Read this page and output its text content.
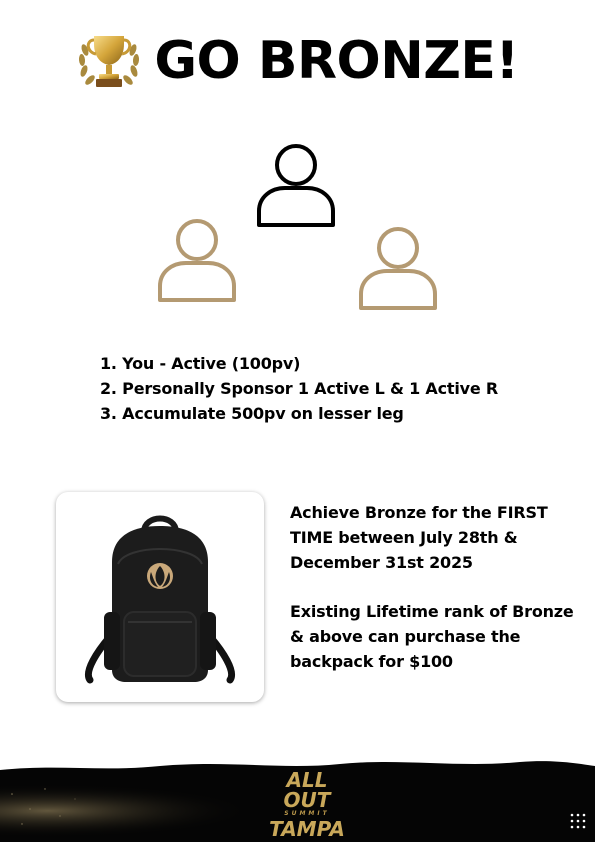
GO BRONZE!
1. You - Active (100pv)
2. Personally Sponsor 1 Active L & 1 Active R
3. Accumulate 500pv on lesser leg

Achieve Bronze for the FIRST TIME between July 28th & December 31st 2025

Existing Lifetime rank of Bronze & above can purchase the backpack for $100

ALL OUT
SUMMIT
TAMPA
